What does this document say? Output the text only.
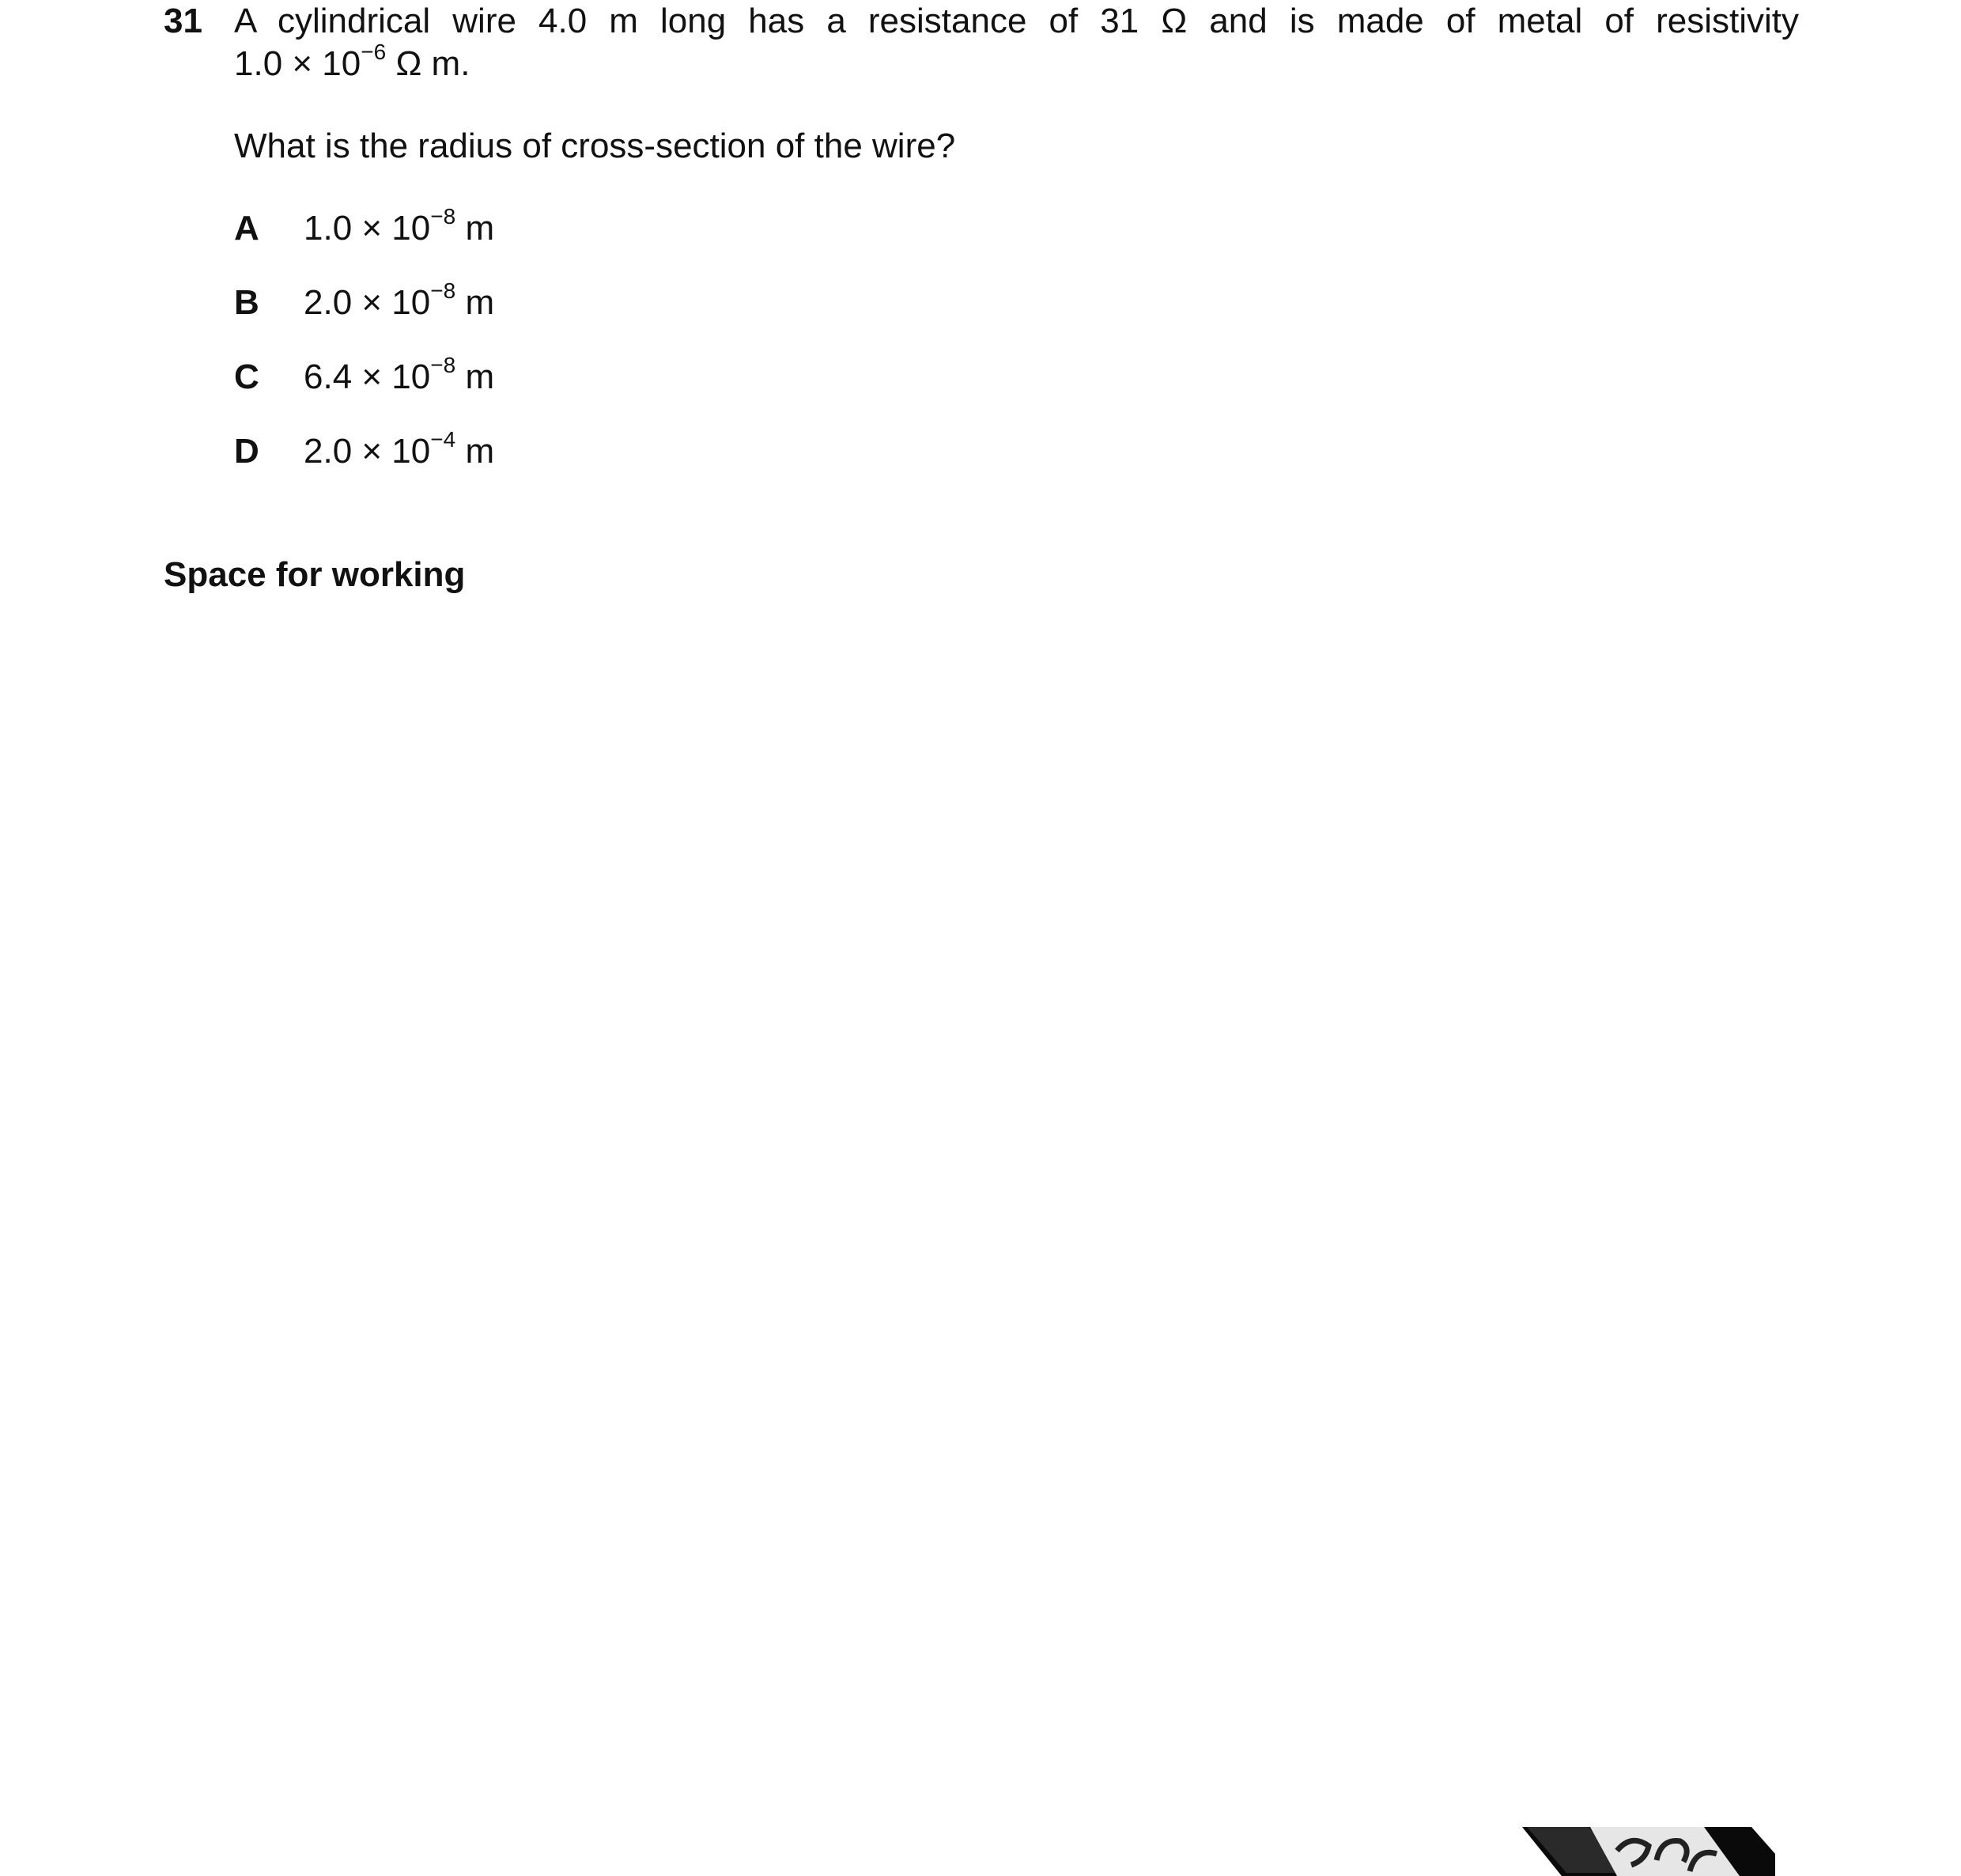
31 A cylindrical wire 4.0 m long has a resistance of 31 Ω and is made of metal of resistivity
$1.0 \times 10^{-6}$ Ω m.
What is the radius of cross-section of the wire?
A $1.0 \times 10^{-8}$ m
B $2.0 \times 10^{-8}$ m
C $6.4 \times 10^{-8}$ m
D $2.0 \times 10^{-4}$ m
Space for working
